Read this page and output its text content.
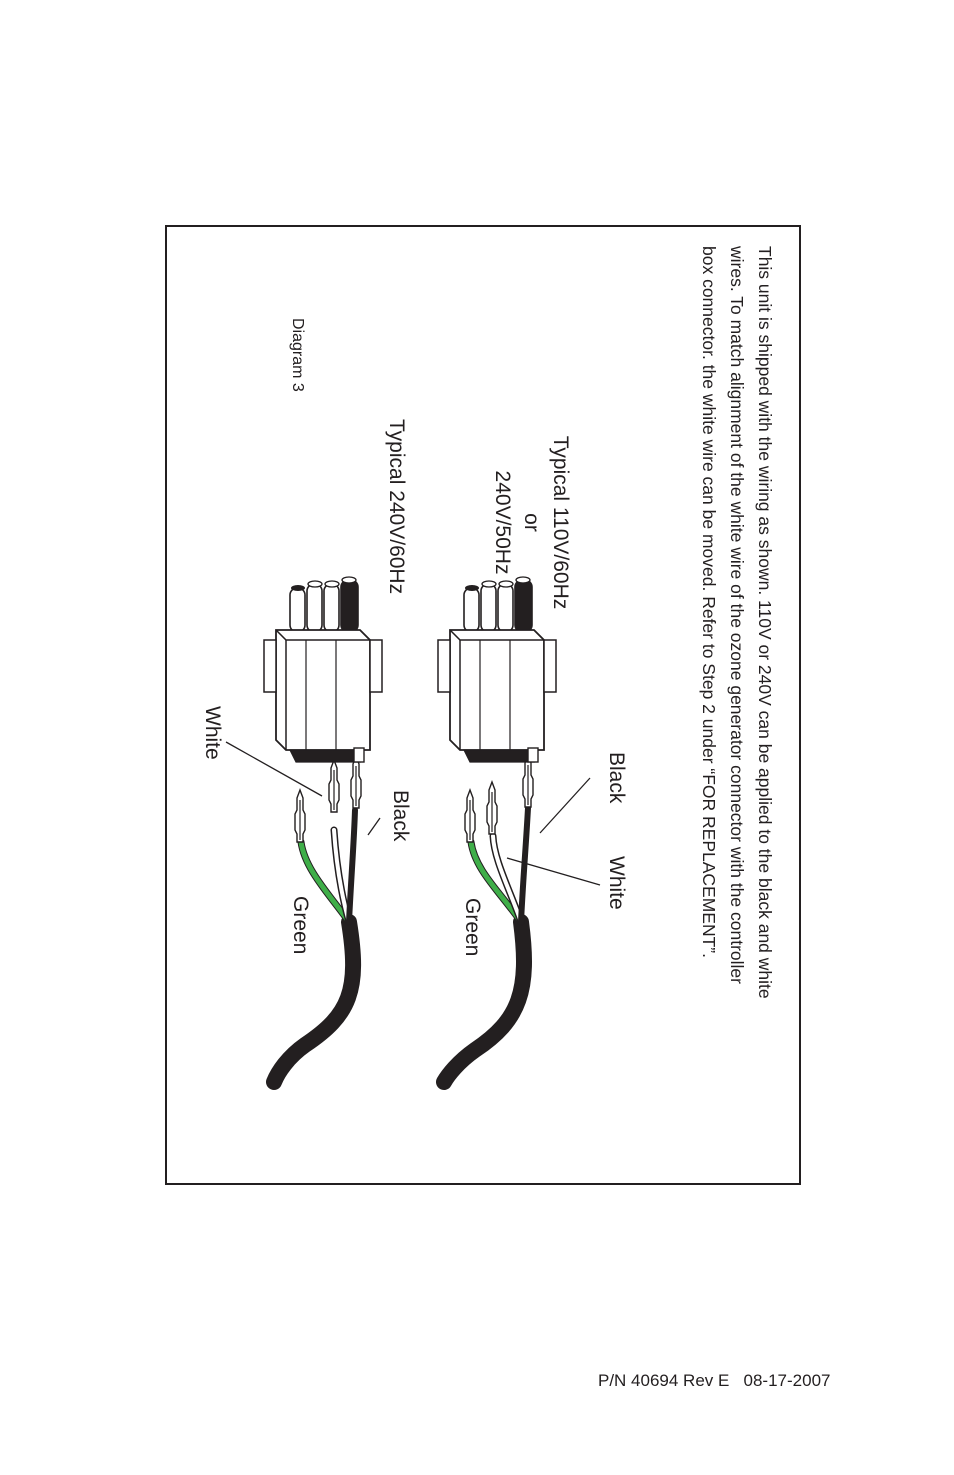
This unit is shipped with the wiring as shown. 110V or 240V can be applied to the black and white
wires. To match alignment of the white wire of the ozone generator connector with the controller
box connector. the white wire can be moved. Refer to Step 2 under “FOR REPLACEMENT”.
Typical 110V/60Hz
or
240V/50Hz
Typical 240V/60Hz
Diagram 3
Black
White
Green
White
Black
Green
P/N 40694 Rev E   08-17-2007
